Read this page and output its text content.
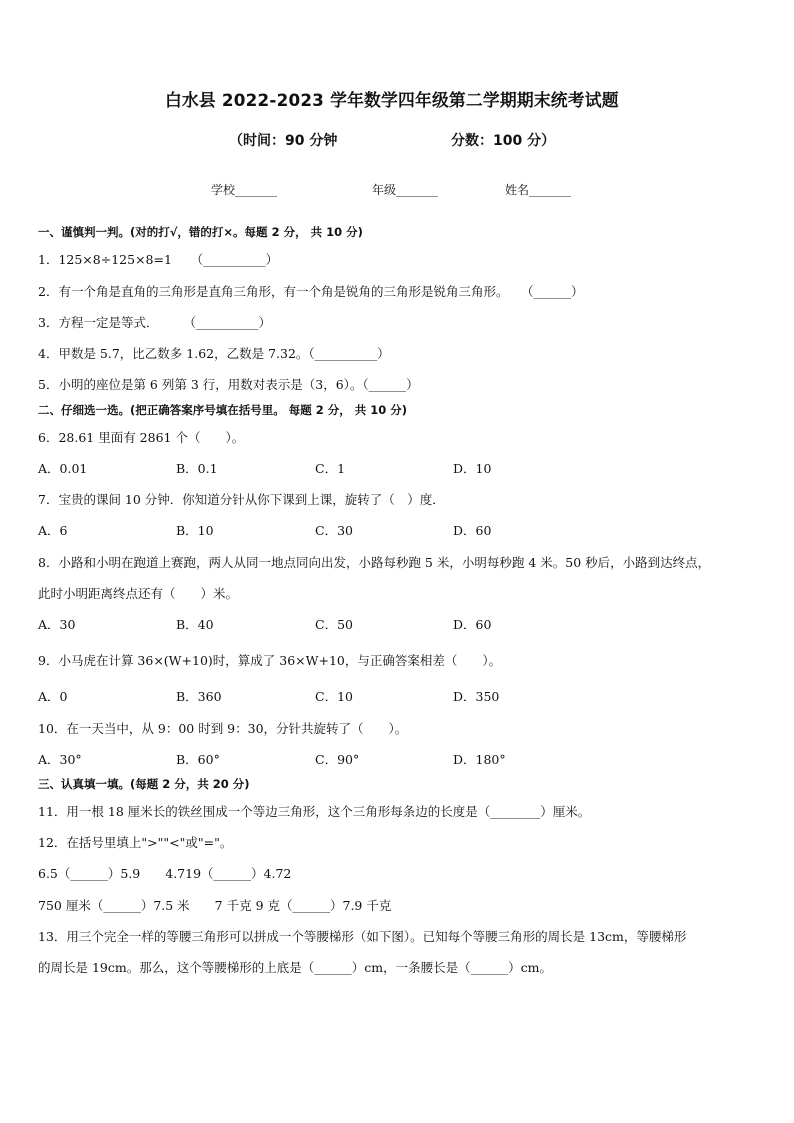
白水县 2022-2023 学年数学四年级第二学期期末统考试题
（时间：90 分钟	分数：100 分）
学校_______	年级_______	姓名_______
一、谨慎判一判。(对的打√，错的打×。每题 2 分， 共 10 分)
1．125×8÷125×8=1　　（__________）
2．有一个角是直角的三角形是直角三角形，有一个角是锐角的三角形是锐角三角形。　　（______）
3．方程一定是等式．　　　（__________）
4．甲数是 5.7，比乙数多 1.62，乙数是 7.32。（__________）
5．小明的座位是第 6 列第 3 行，用数对表示是（3，6）。（______）
二、仔细选一选。(把正确答案序号填在括号里。 每题 2 分， 共 10 分)
6．28.61 里面有 2861 个（　　）。
A．0.01	B．0.1	C．1	D．10
7．宝贵的课间 10 分钟．你知道分针从你下课到上课，旋转了（　）度．
A．6	B．10	C．30	D．60
8．小路和小明在跑道上赛跑，两人从同一地点同向出发，小路每秒跑 5 米，小明每秒跑 4 米。50 秒后，小路到达终点，
此时小明距离终点还有（　　）米。
A．30	B．40	C．50	D．60
9．小马虎在计算 36×(W+10)时，算成了 36×W+10，与正确答案相差（　　）。
A．0	B．360	C．10	D．350
10．在一天当中，从 9：00 时到 9：30，分针共旋转了（　　）。
A．30°	B．60°	C．90°	D．180°
三、认真填一填。(每题 2 分，共 20 分)
11．用一根 18 厘米长的铁丝围成一个等边三角形，这个三角形每条边的长度是（________）厘米。
12．在括号里填上">""<"或"="。
6.5（______）5.9　　4.719（______）4.72
750 厘米（______）7.5 米　　7 千克 9 克（______）7.9 千克
13．用三个完全一样的等腰三角形可以拼成一个等腰梯形（如下图）。已知每个等腰三角形的周长是 13cm，等腰梯形
的周长是 19cm。那么，这个等腰梯形的上底是（______）cm，一条腰长是（______）cm。
